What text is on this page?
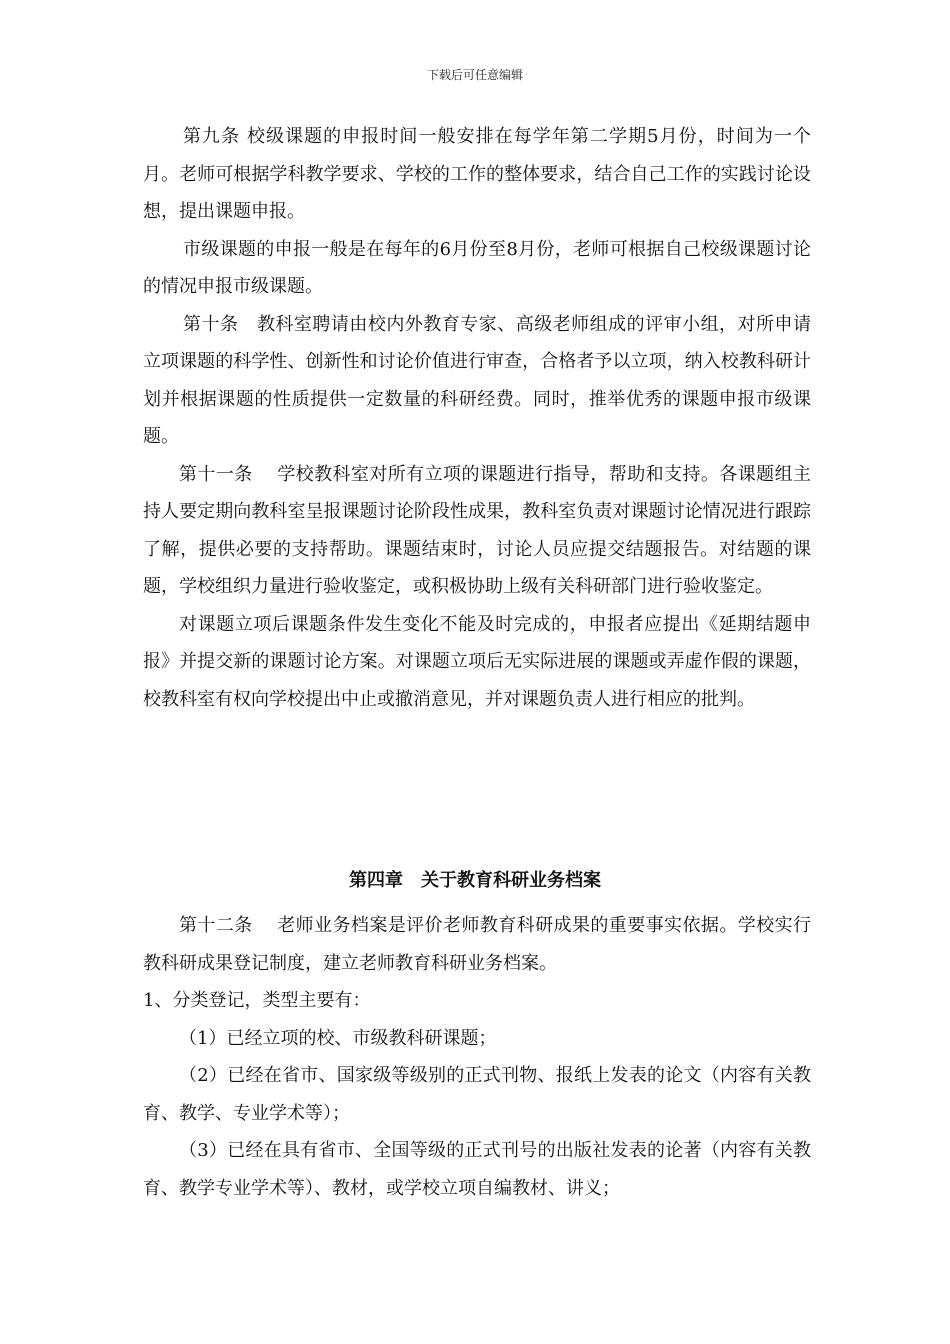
下载后可任意编辑

第九条 校级课题的申报时间一般安排在每学年第二学期5月份，时间为一个月。老师可根据学科教学要求、学校的工作的整体要求，结合自己工作的实践讨论设想，提出课题申报。

市级课题的申报一般是在每年的6月份至8月份，老师可根据自己校级课题讨论的情况申报市级课题。

第十条　教科室聘请由校内外教育专家、高级老师组成的评审小组，对所申请立项课题的科学性、创新性和讨论价值进行审查，合格者予以立项，纳入校教科研计划并根据课题的性质提供一定数量的科研经费。同时，推举优秀的课题申报市级课题。

第十一条　 学校教科室对所有立项的课题进行指导，帮助和支持。各课题组主持人要定期向教科室呈报课题讨论阶段性成果，教科室负责对课题讨论情况进行跟踪了解，提供必要的支持帮助。课题结束时，讨论人员应提交结题报告。对结题的课题，学校组织力量进行验收鉴定，或积极协助上级有关科研部门进行验收鉴定。

对课题立项后课题条件发生变化不能及时完成的，申报者应提出《延期结题申报》并提交新的课题讨论方案。对课题立项后无实际进展的课题或弄虚作假的课题，校教科室有权向学校提出中止或撤消意见，并对课题负责人进行相应的批判。

第四章　关于教育科研业务档案

第十二条　 老师业务档案是评价老师教育科研成果的重要事实依据。学校实行教科研成果登记制度，建立老师教育科研业务档案。

1、分类登记，类型主要有：

（1）已经立项的校、市级教科研课题；

（2）已经在省市、国家级等级别的正式刊物、报纸上发表的论文（内容有关教育、教学、专业学术等）；

（3）已经在具有省市、全国等级的正式刊号的出版社发表的论著（内容有关教育、教学专业学术等）、教材，或学校立项自编教材、讲义；
